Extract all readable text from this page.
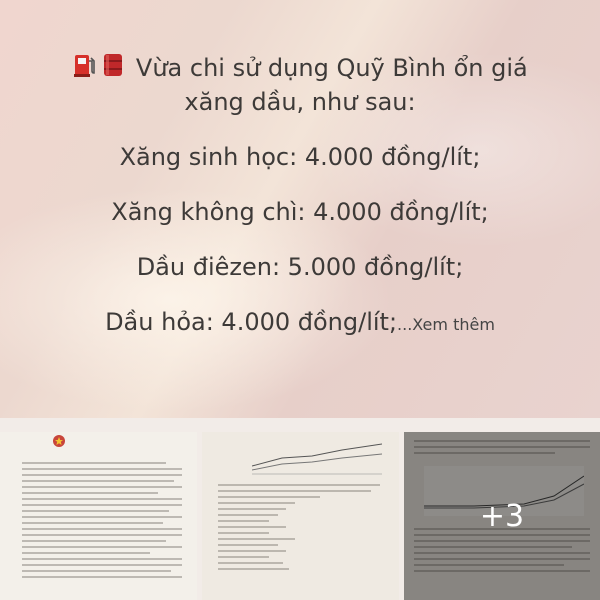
Vừa chi sử dụng Quỹ Bình ổn giá
xăng dầu, như sau:
Xăng sinh học: 4.000 đồng/lít;
Xăng không chì: 4.000 đồng/lít;
Dầu điêzen: 5.000 đồng/lít;
Dầu hỏa: 4.000 đồng/lít;...Xem thêm
+3
